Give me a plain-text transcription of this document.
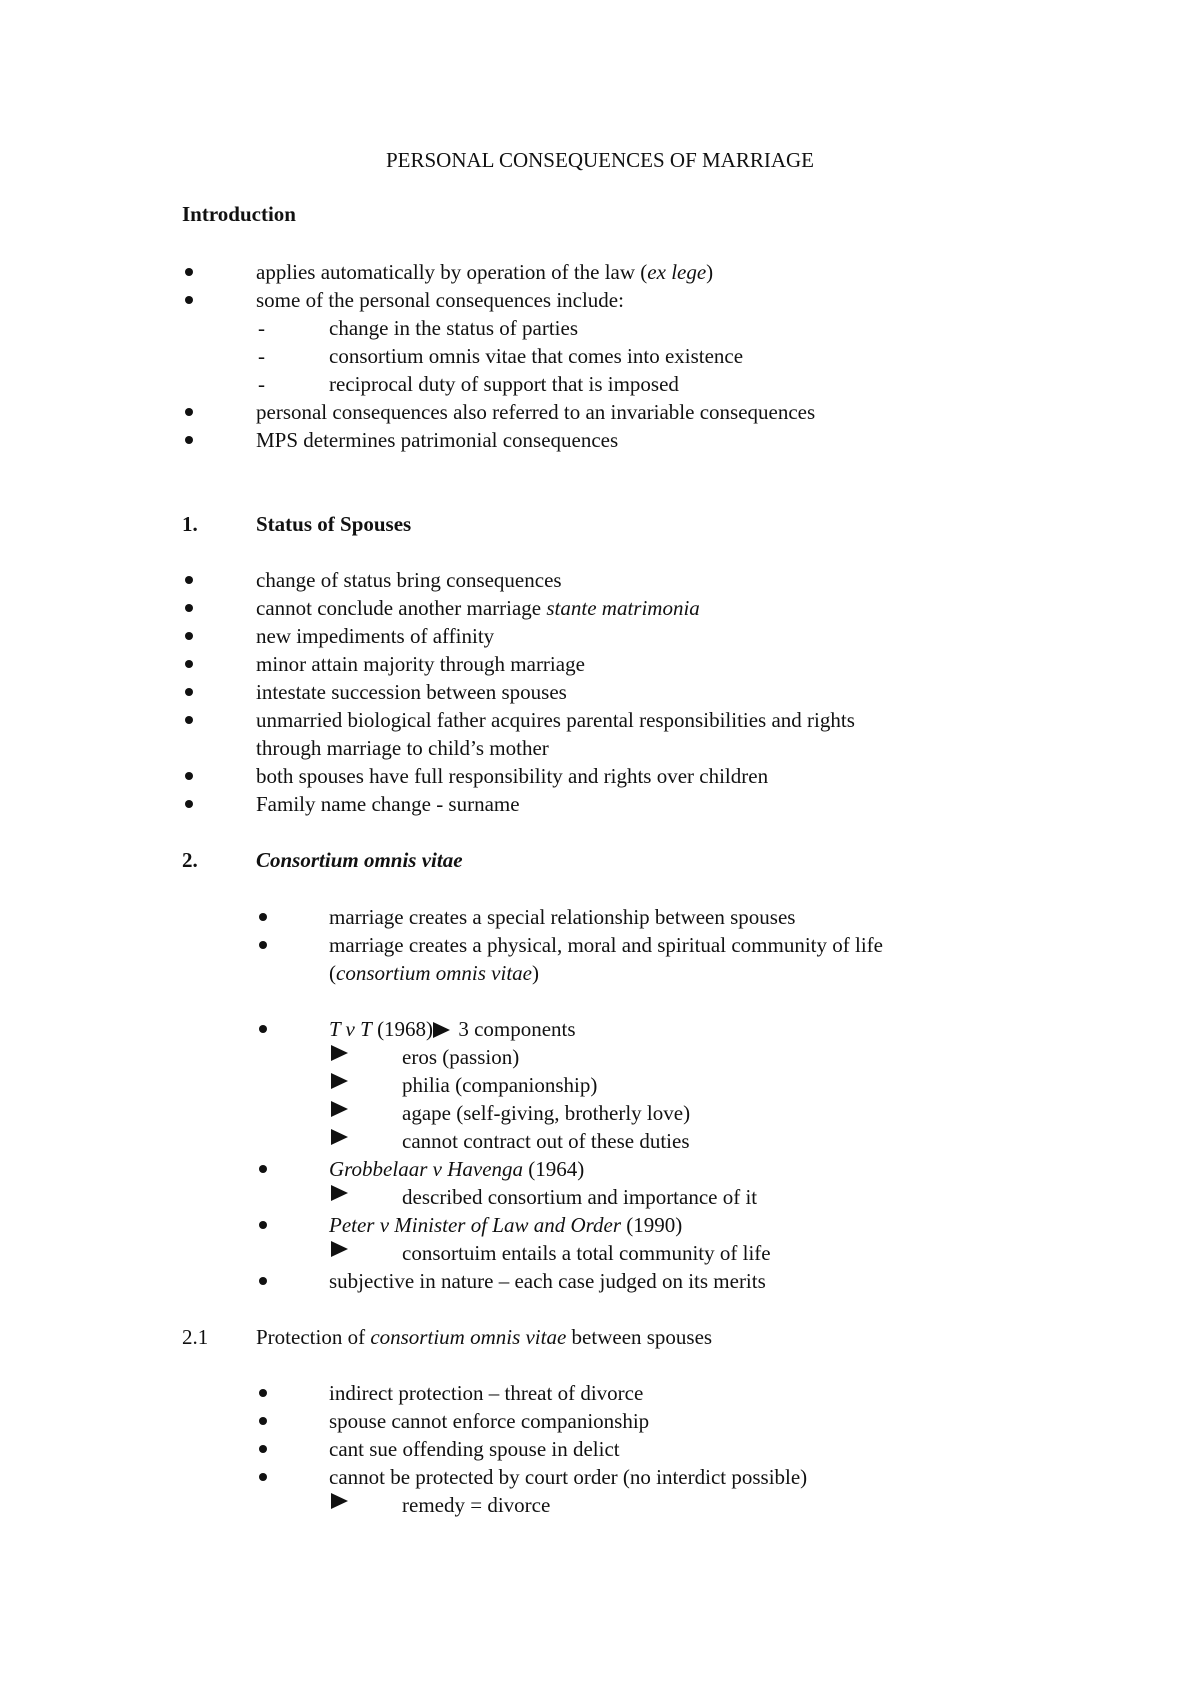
PERSONAL CONSEQUENCES OF MARRIAGE
Introduction
applies automatically by operation of the law (ex lege)
some of the personal consequences include:
-	change in the status of parties
-	consortium omnis vitae that comes into existence
-	reciprocal duty of support that is imposed
personal consequences also referred to an invariable consequences
MPS determines patrimonial consequences
1.	Status of Spouses
change of status bring consequences
cannot conclude another marriage stante matrimonia
new impediments of affinity
minor attain majority through marriage
intestate succession between spouses
unmarried biological father acquires parental responsibilities and rights
through marriage to child’s mother
both spouses have full responsibility and rights over children
Family name change - surname
2.	Consortium omnis vitae
marriage creates a special relationship between spouses
marriage creates a physical, moral and spiritual community of life
(consortium omnis vitae)
T v T (1968) 3 components
eros (passion)
philia (companionship)
agape (self-giving, brotherly love)
cannot contract out of these duties
Grobbelaar v Havenga (1964)
described consortium and importance of it
Peter v Minister of Law and Order (1990)
consortuim entails a total community of life
subjective in nature – each case judged on its merits
2.1 Protection of consortium omnis vitae between spouses
indirect protection – threat of divorce
spouse cannot enforce companionship
cant sue offending spouse in delict
cannot be protected by court order (no interdict possible)
remedy = divorce
